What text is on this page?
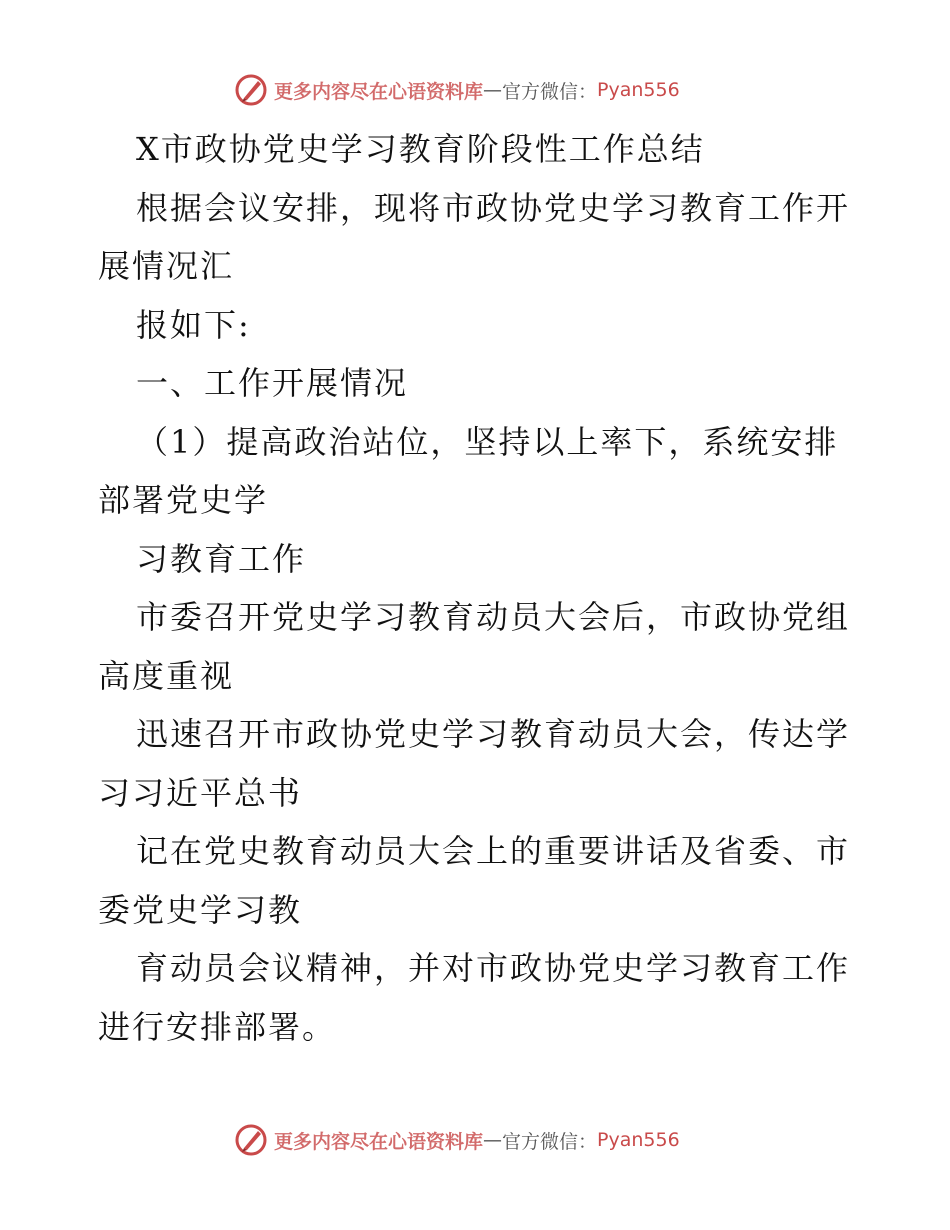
更多内容尽在心语资料库 — 官方微信： Pyan556
X市政协党史学习教育阶段性工作总结
根据会议安排，现将市政协党史学习教育工作开
展情况汇
报如下:
一、工作开展情况
（1）提高政治站位，坚持以上率下，系统安排
部署党史学
习教育工作
市委召开党史学习教育动员大会后，市政协党组
高度重视
迅速召开市政协党史学习教育动员大会，传达学
习习近平总书
记在党史教育动员大会上的重要讲话及省委、市
委党史学习教
育动员会议精神，并对市政协党史学习教育工作
进行安排部署。
更多内容尽在心语资料库 — 官方微信： Pyan556
